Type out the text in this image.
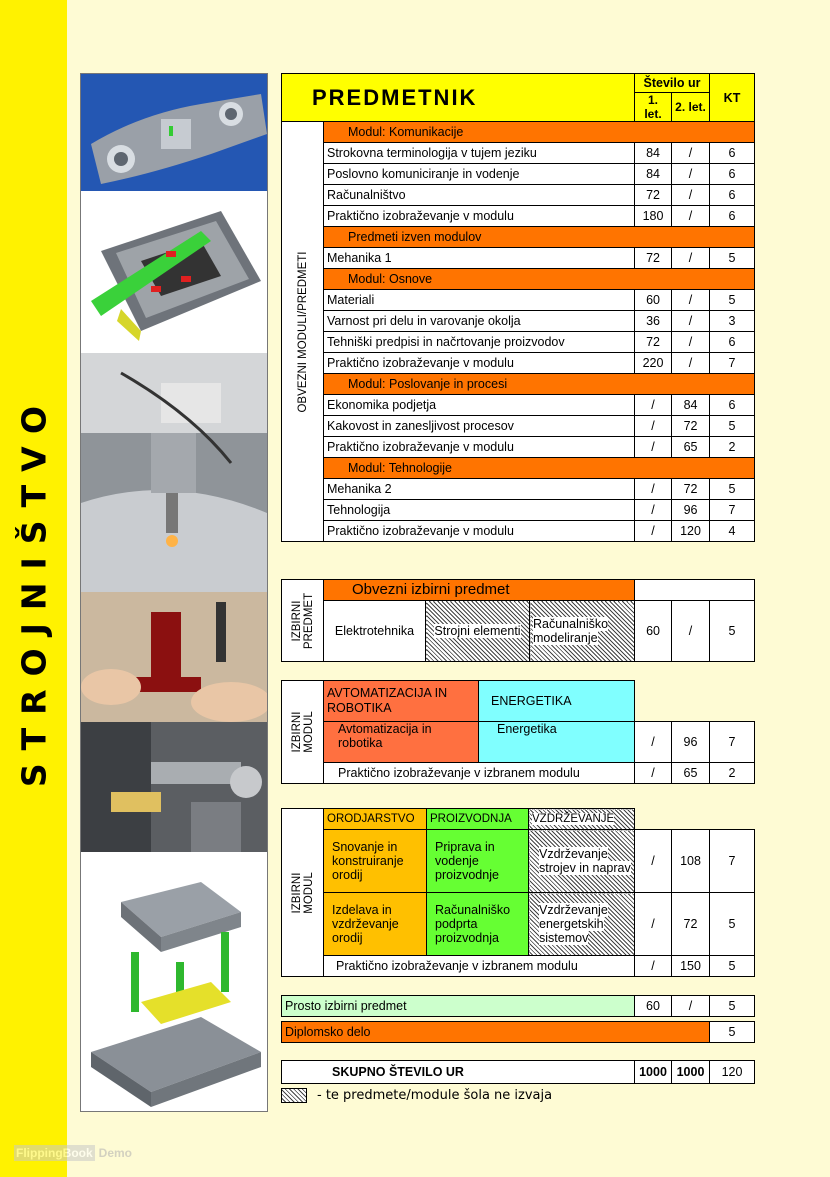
STROJNIŠTVO
FlippingBook Demo
PREDMETNIK		Število ur		KT
		1. let.	2. let.	

OBVEZNI MODULI/PREDMETI	Modul: Komunikacije			
	Strokovna terminologija v tujem jeziku	84	/	6
	Poslovno komuniciranje in vodenje	84	/	6
	Računalništvo	72	/	6
	Praktično izobraževanje v modulu	180	/	6
	Predmeti izven modulov			
	Mehanika 1	72	/	5
	Modul: Osnove			
	Materiali	60	/	5
	Varnost pri delu in varovanje okolja	36	/	3
	Tehniški predpisi in načrtovanje proizvodov	72	/	6
	Praktično izobraževanje v modulu	220	/	7
	Modul: Poslovanje in procesi			
	Ekonomika podjetja	/	84	6
	Kakovost in zanesljivost procesov	/	72	5
	Praktično izobraževanje v modulu	/	65	2
	Modul: Tehnologije			
	Mehanika 2	/	72	5
	Tehnologija	/	96	7
	Praktično izobraževanje v modulu	/	120	4
IZBIRNI PREDMET	Obvezni izbirni predmet					
	Elektrotehnika	Strojni elementi	Računalniško modeliranje	60	/	5
IZBIRNI MODUL	AVTOMATIZACIJA IN ROBOTIKA	ENERGETIKA			
	Avtomatizacija in robotika	Energetika	/	96	7
	Praktično izobraževanje v izbranem modulu		/	65	2
IZBIRNI MODUL	ORODJARSTVO	PROIZVODNJA	VZDRŽEVANJE			
	Snovanje in konstruiranje orodij	Priprava in vodenje proizvodnje	Vzdrževanje strojev in naprav	/	108	7
	Izdelava in vzdrževanje orodij	Računalniško podprta proizvodnja	Vzdrževanje energetskih sistemov	/	72	5
	Praktično izobraževanje v izbranem modulu			/	150	5
Prosto izbirni predmet	60	/	5
Diplomsko delo	5
SKUPNO ŠTEVILO UR	1000	1000	120
- te predmete/module šola ne izvaja
